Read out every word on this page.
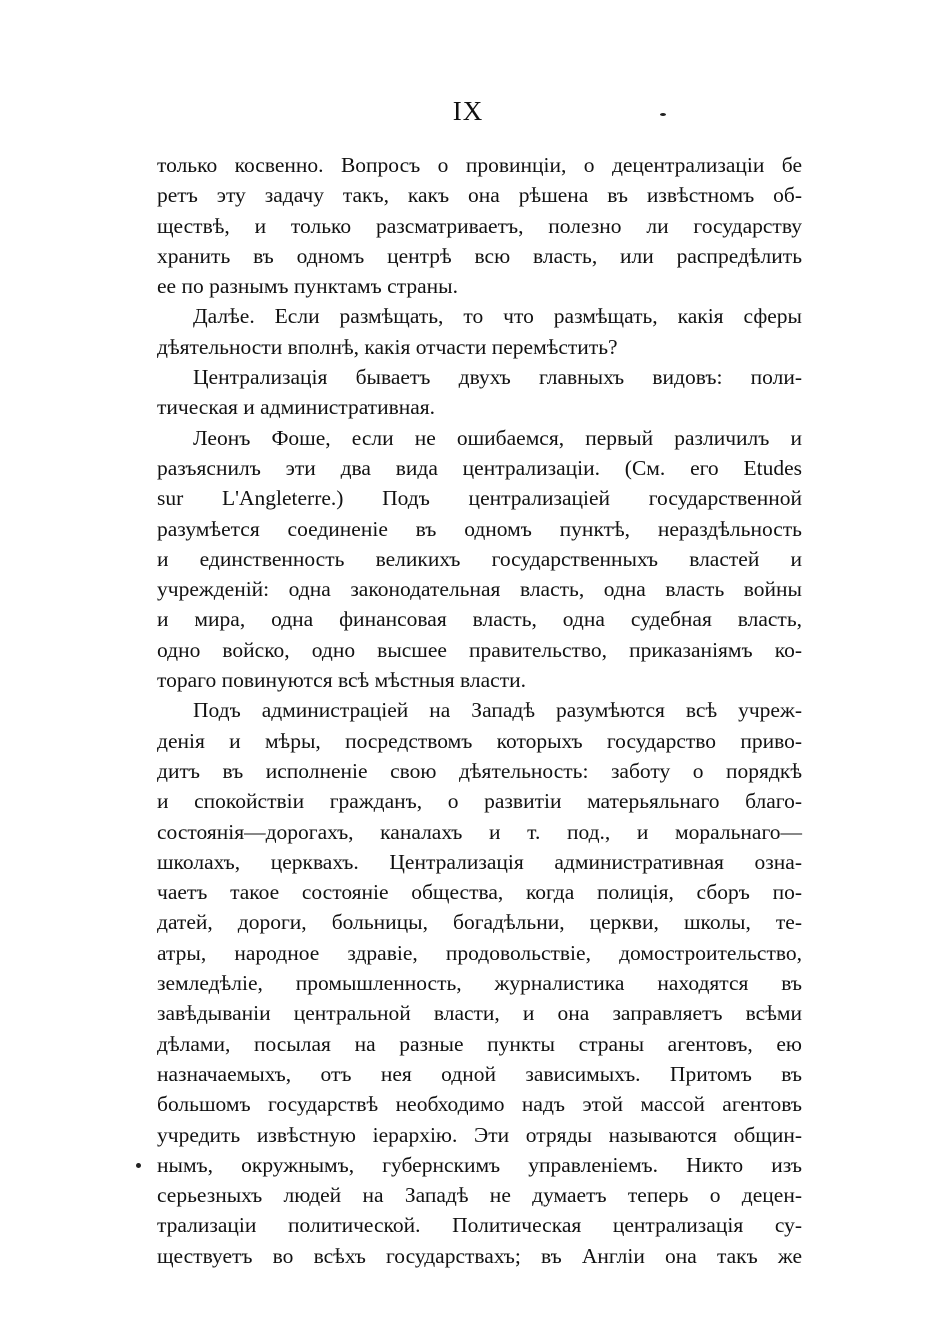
IX
только косвенно. Вопросъ о провинціи, о децентрализаціи бе
ретъ эту задачу такъ, какъ она рѣшена въ извѣстномъ об-
ществѣ, и только разсматриваетъ, полезно ли государству
хранить въ одномъ центрѣ всю власть, или распредѣлить
ее по разнымъ пунктамъ страны.
Далѣе. Если размѣщать, то что размѣщать, какія сферы
дѣятельности вполнѣ, какія отчасти перемѣстить?
Централизація бываетъ двухъ главныхъ видовъ: поли-
тическая и административная.
Леонъ Фоше, если не ошибаемся, первый различилъ и
разъяснилъ эти два вида централизаціи. (См. его Etudes
sur L'Angleterre.) Подъ централизаціей государственной
разумѣется соединеніе въ одномъ пунктѣ, нераздѣльность
и единственность великихъ государственныхъ властей и
учрежденій: одна законодательная власть, одна власть войны
и мира, одна финансовая власть, одна судебная власть,
одно войско, одно высшее правительство, приказаніямъ ко-
тораго повинуются всѣ мѣстныя власти.
Подъ администраціей на Западѣ разумѣются всѣ учреж-
денія и мѣры, посредствомъ которыхъ государство приво-
дитъ въ исполненіе свою дѣятельность: заботу о порядкѣ
и спокойствіи гражданъ, о развитіи матерьяльнаго благо-
состоянія—дорогахъ, каналахъ и т. под., и моральнаго—
школахъ, церквахъ. Централизація административная озна-
чаетъ такое состояніе общества, когда полиція, сборъ по-
датей, дороги, больницы, богадѣльни, церкви, школы, те-
атры, народное здравіе, продовольствіе, домостроительство,
земледѣліе, промышленность, журналистика находятся въ
завѣдываніи центральной власти, и она заправляетъ всѣми
дѣлами, посылая на разные пункты страны агентовъ, ею
назначаемыхъ, отъ нея одной зависимыхъ. Притомъ въ
большомъ государствѣ необходимо надъ этой массой агентовъ
учредить извѣстную іерархію. Эти отряды называются общин-
нымъ, окружнымъ, губернскимъ управленіемъ. Никто изъ
серьезныхъ людей на Западѣ не думаетъ теперь о децен-
трализаціи политической. Политическая централизація су-
ществуетъ во всѣхъ государствахъ; въ Англіи она такъ же
